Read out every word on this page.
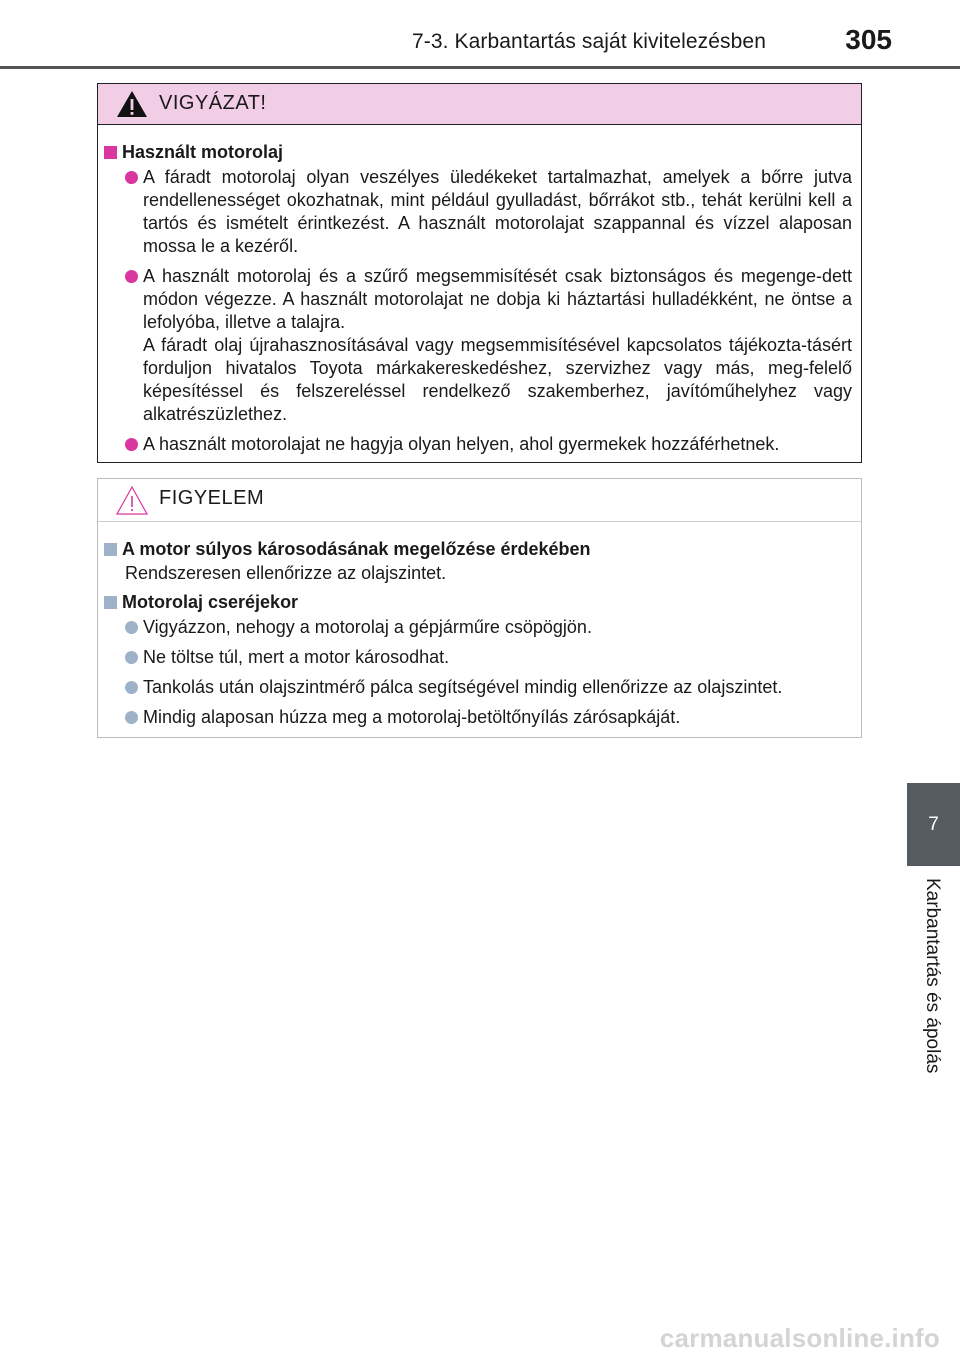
7-3. Karbantartás saját kivitelezésben	305
VIGYÁZAT!
Használt motorolaj

A fáradt motorolaj olyan veszélyes üledékeket tartalmazhat, amelyek a bőrre jutva rendellenességet okozhatnak, mint például gyulladást, bőrrákot stb., tehát kerülni kell a tartós és ismételt érintkezést. A használt motorolajat szappannal és vízzel alaposan mossa le a kezéről.

A használt motorolaj és a szűrő megsemmisítését csak biztonságos és megenge-dett módon végezze. A használt motorolajat ne dobja ki háztartási hulladékként, ne öntse a lefolyóba, illetve a talajra.

A fáradt olaj újrahasznosításával vagy megsemmisítésével kapcsolatos tájékozta-tásért forduljon hivatalos Toyota márkakereskedéshez, szervizhez vagy más, meg-felelő képesítéssel és felszereléssel rendelkező szakemberhez, javítóműhelyhez vagy alkatrészüzlethez.

A használt motorolajat ne hagyja olyan helyen, ahol gyermekek hozzáférhetnek.

FIGYELEM
A motor súlyos károsodásának megelőzése érdekében
Rendszeresen ellenőrizze az olajszintet.
Motorolaj cseréjekor

Vigyázzon, nehogy a motorolaj a gépjárműre csöpögjön.

Ne töltse túl, mert a motor károsodhat.

Tankolás után olajszintmérő pálca segítségével mindig ellenőrizze az olajszintet.

Mindig alaposan húzza meg a motorolaj-betöltőnyílás zárósapkáját.

7
Karbantartás és ápolás
carmanualsonline.info
